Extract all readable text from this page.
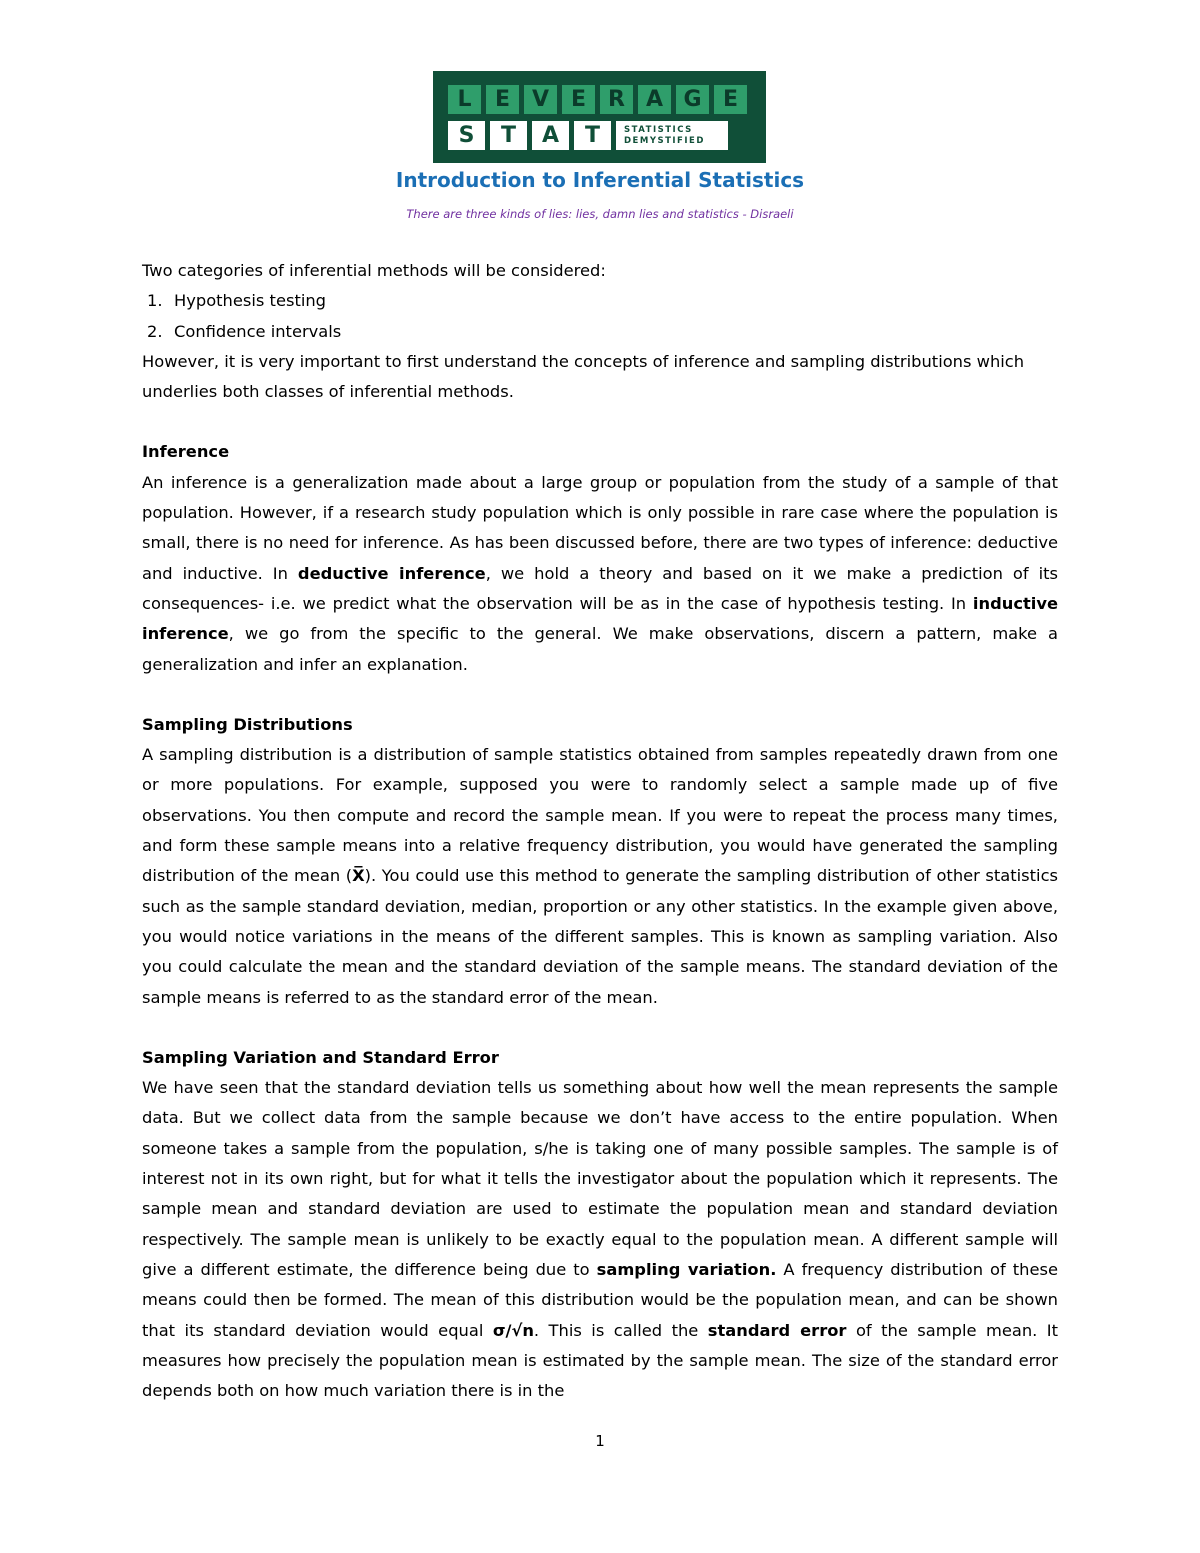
L	E V E	R A G E
S	T	A	T	STATISTICS
DEMYSTIFIED
Introduction to Inferential Statistics
There are three kinds of lies: lies, damn lies and statistics - Disraeli

Two categories of inferential methods will be considered:

1. Hypothesis testing
2. Confidence intervals

However, it is very important to first understand the concepts of inference and sampling distributions which underlies both classes of inferential methods.

Inference

An inference is a generalization made about a large group or population from the study of a sample of that population. However, if a research study population which is only possible in rare case where the population is small, there is no need for inference. As has been discussed before, there are two types of inference: deductive and inductive. In deductive inference, we hold a theory and based on it we make a prediction of its consequences- i.e. we predict what the observation will be as in the case of hypothesis testing. In inductive inference, we go from the specific to the general. We make observations, discern a pattern, make a generalization and infer an explanation.

Sampling Distributions

A sampling distribution is a distribution of sample statistics obtained from samples repeatedly drawn from one or more populations. For example, supposed you were to randomly select a sample made up of five observations. You then compute and record the sample mean. If you were to repeat the process many times, and form these sample means into a relative frequency distribution, you would have generated the sampling distribution of the mean (X̅). You could use this method to generate the sampling distribution of other statistics such as the sample standard deviation, median, proportion or any other statistics. In the example given above, you would notice variations in the means of the different samples. This is known as sampling variation. Also you could calculate the mean and the standard deviation of the sample means. The standard deviation of the sample means is referred to as the standard error of the mean.

Sampling Variation and Standard Error

We have seen that the standard deviation tells us something about how well the mean represents the sample data. But we collect data from the sample because we don’t have access to the entire population. When someone takes a sample from the population, s/he is taking one of many possible samples. The sample is of interest not in its own right, but for what it tells the investigator about the population which it represents. The sample mean and standard deviation are used to estimate the population mean and standard deviation respectively. The sample mean is unlikely to be exactly equal to the population mean. A different sample will give a different estimate, the difference being due to sampling variation. A frequency distribution of these means could then be formed. The mean of this distribution would be the population mean, and can be shown that its standard deviation would equal σ/√n. This is called the standard error of the sample mean. It measures how precisely the population mean is estimated by the sample mean. The size of the standard error depends both on how much variation there is in the

1
